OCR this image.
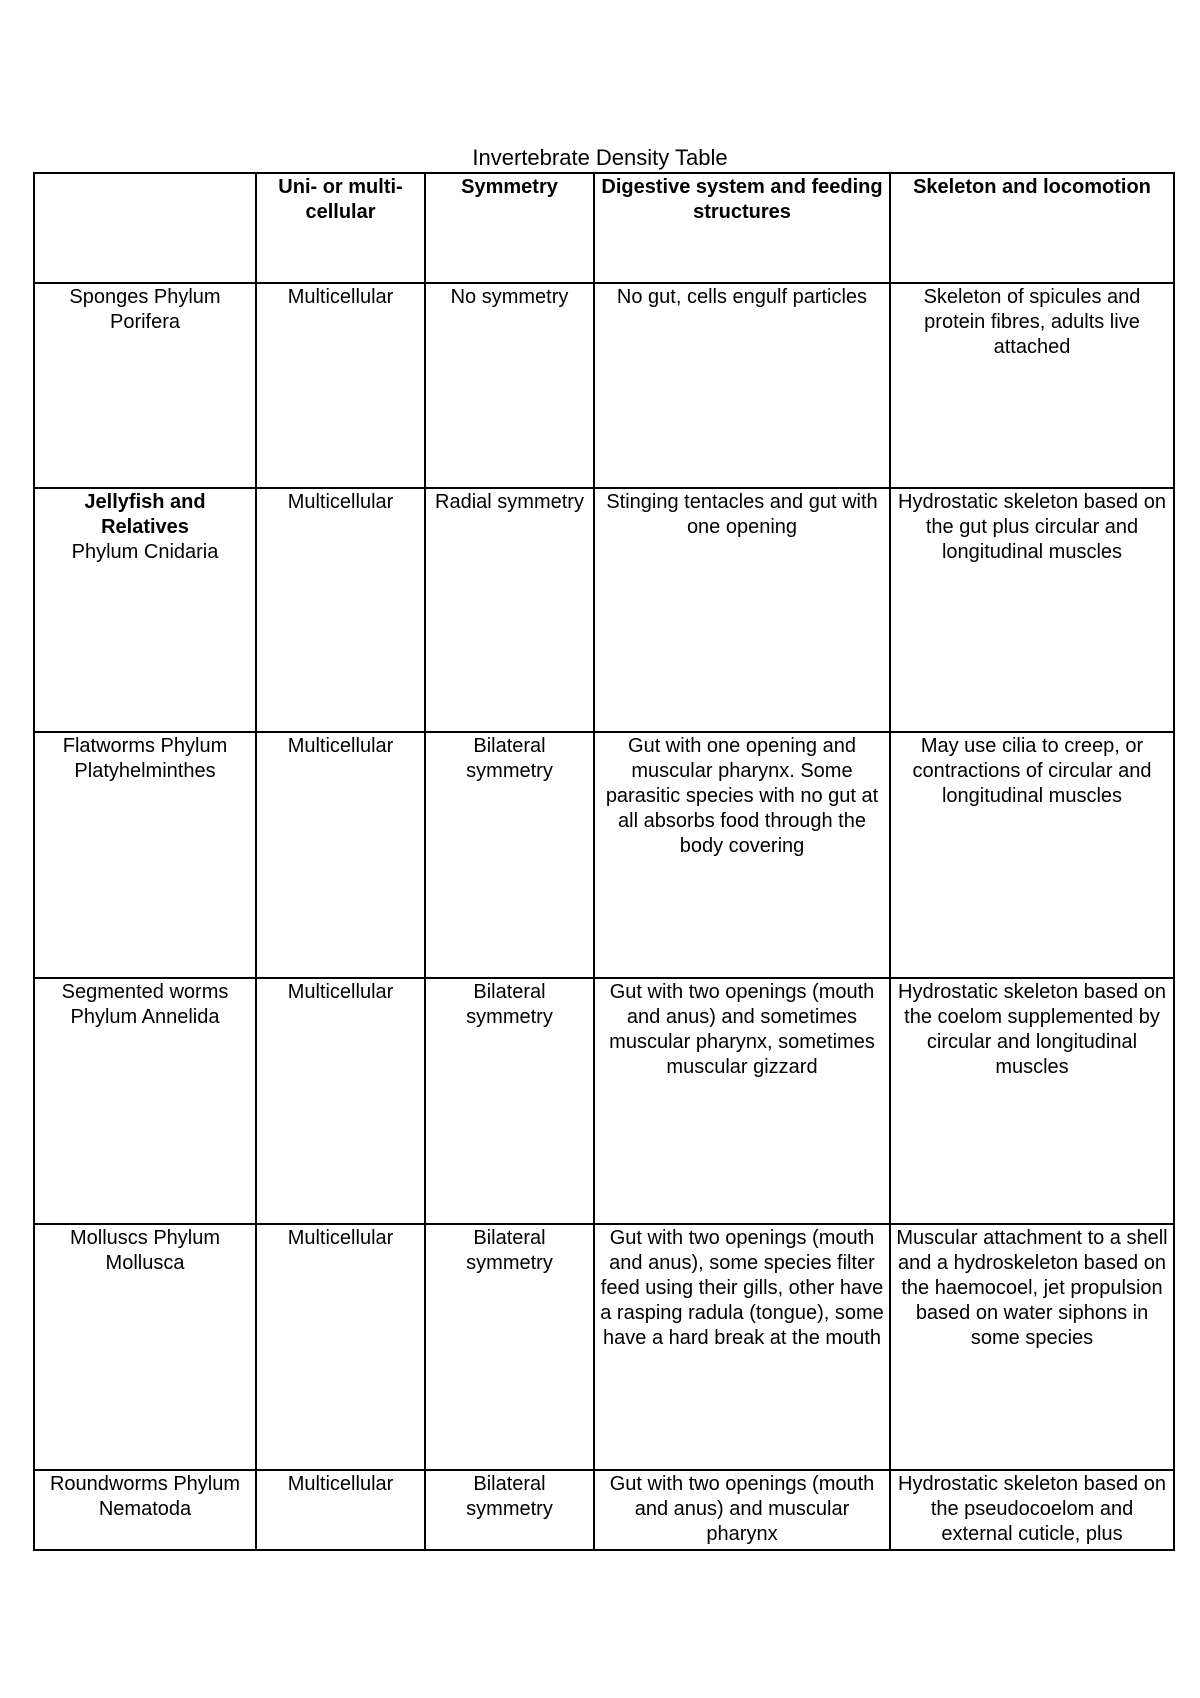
Invertebrate Density Table
	Uni- or multi-cellular	Symmetry	Digestive system and feeding structures	Skeleton and locomotion

Sponges Phylum Porifera	Multicellular	No symmetry	No gut, cells engulf particles	Skeleton of spicules and protein fibres, adults live attached

Jellyfish and Relatives
Phylum Cnidaria	Multicellular	Radial symmetry	Stinging tentacles and gut with one opening	Hydrostatic skeleton based on the gut plus circular and longitudinal muscles

Flatworms Phylum Platyhelminthes	Multicellular	Bilateral symmetry	Gut with one opening and muscular pharynx. Some parasitic species with no gut at all absorbs food through the body covering	May use cilia to creep, or contractions of circular and longitudinal muscles

Segmented worms Phylum Annelida	Multicellular	Bilateral symmetry	Gut with two openings (mouth and anus) and sometimes muscular pharynx, sometimes muscular gizzard	Hydrostatic skeleton based on the coelom supplemented by circular and longitudinal muscles

Molluscs Phylum Mollusca	Multicellular	Bilateral symmetry	Gut with two openings (mouth and anus), some species filter feed using their gills, other have a rasping radula (tongue), some have a hard break at the mouth	Muscular attachment to a shell and a hydroskeleton based on the haemocoel, jet propulsion based on water siphons in some species

Roundworms Phylum Nematoda	Multicellular	Bilateral symmetry	Gut with two openings (mouth and anus) and muscular pharynx	Hydrostatic skeleton based on the pseudocoelom and external cuticle, plus
